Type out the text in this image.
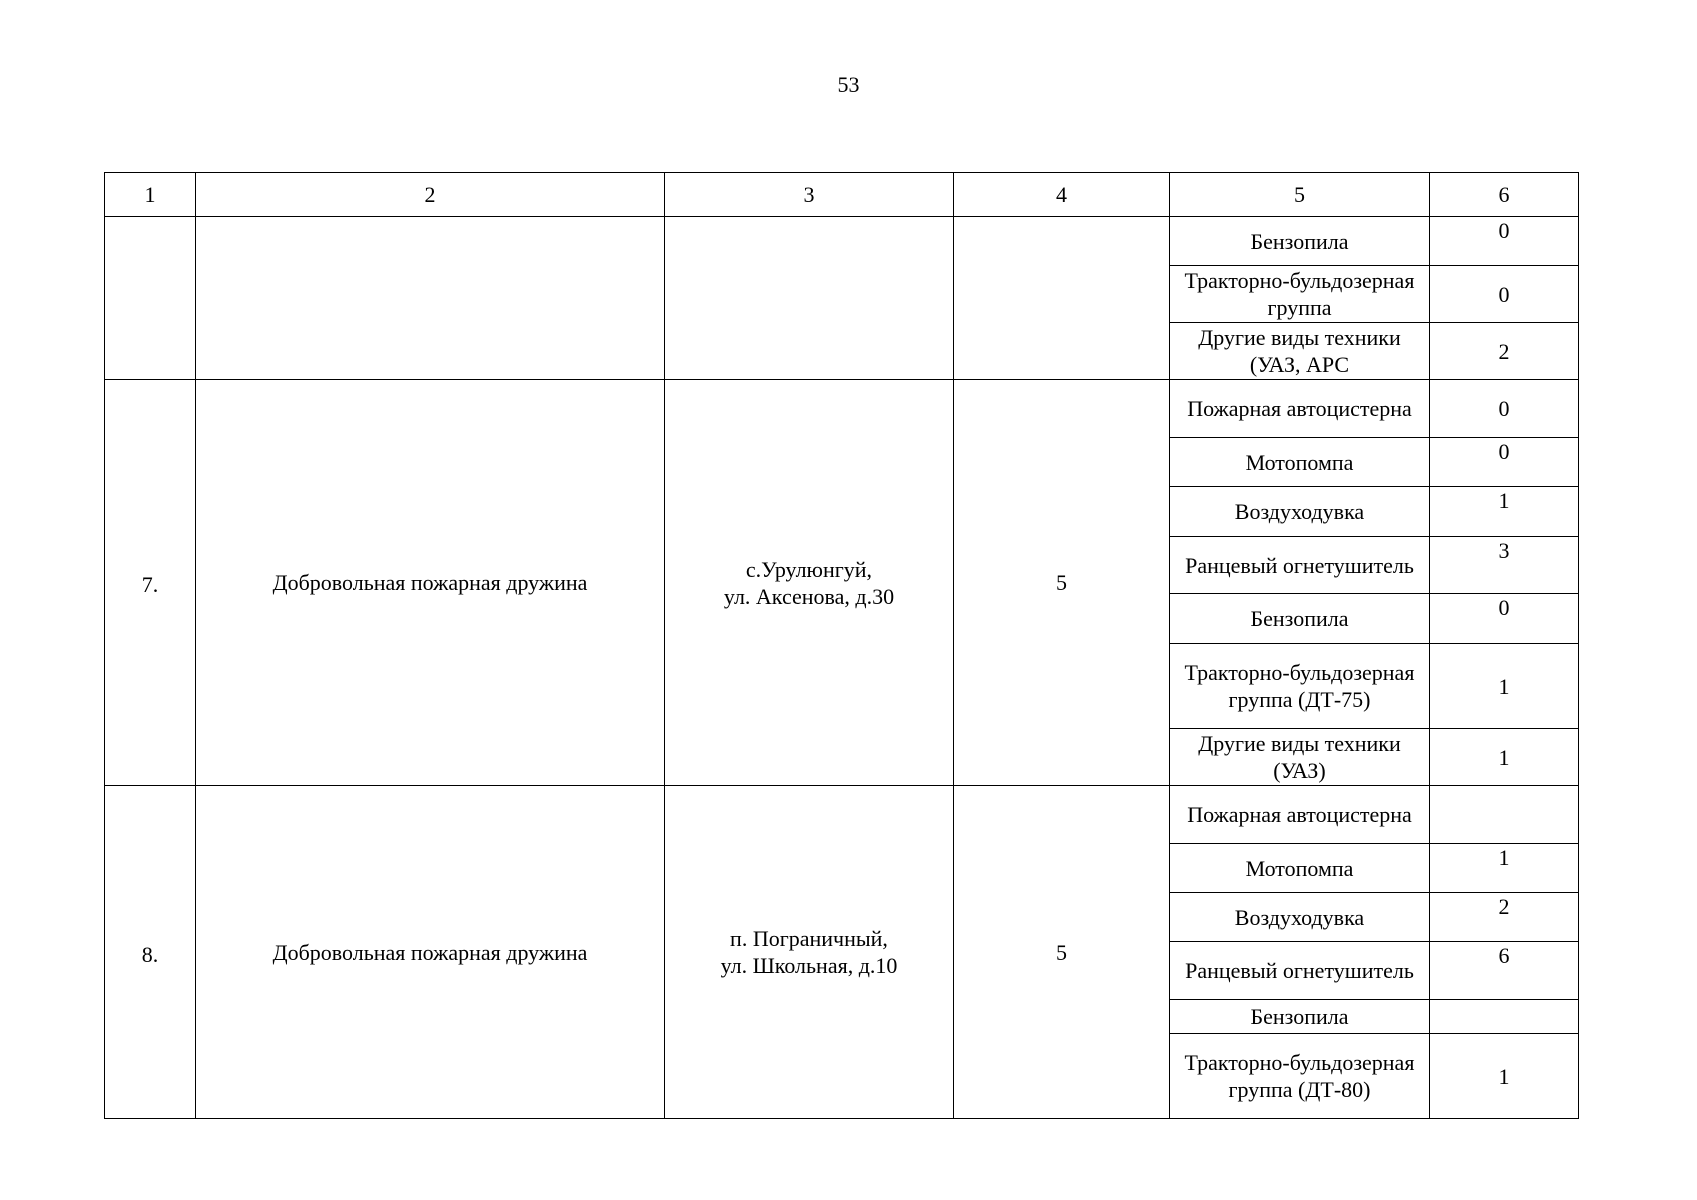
53
1	2	3	4	5	6
				Бензопила	0
				Тракторно-бульдозерная группа	0
				Другие виды техники (УАЗ, АРС	2
7.	Добровольная пожарная дружина	с.Урулюнгуй,
ул. Аксенова, д.30	5	Пожарная автоцистерна	0
				Мотопомпа	0
				Воздуходувка	1
				Ранцевый огнетушитель	3
				Бензопила	0
				Тракторно-бульдозерная группа (ДТ-75)	1
				Другие виды техники (УАЗ)	1
8.	Добровольная пожарная дружина	п. Пограничный,
ул. Школьная, д.10	5	Пожарная автоцистерна	
				Мотопомпа	1
				Воздуходувка	2
				Ранцевый огнетушитель	6
				Бензопила	
				Тракторно-бульдозерная группа (ДТ-80)	1
